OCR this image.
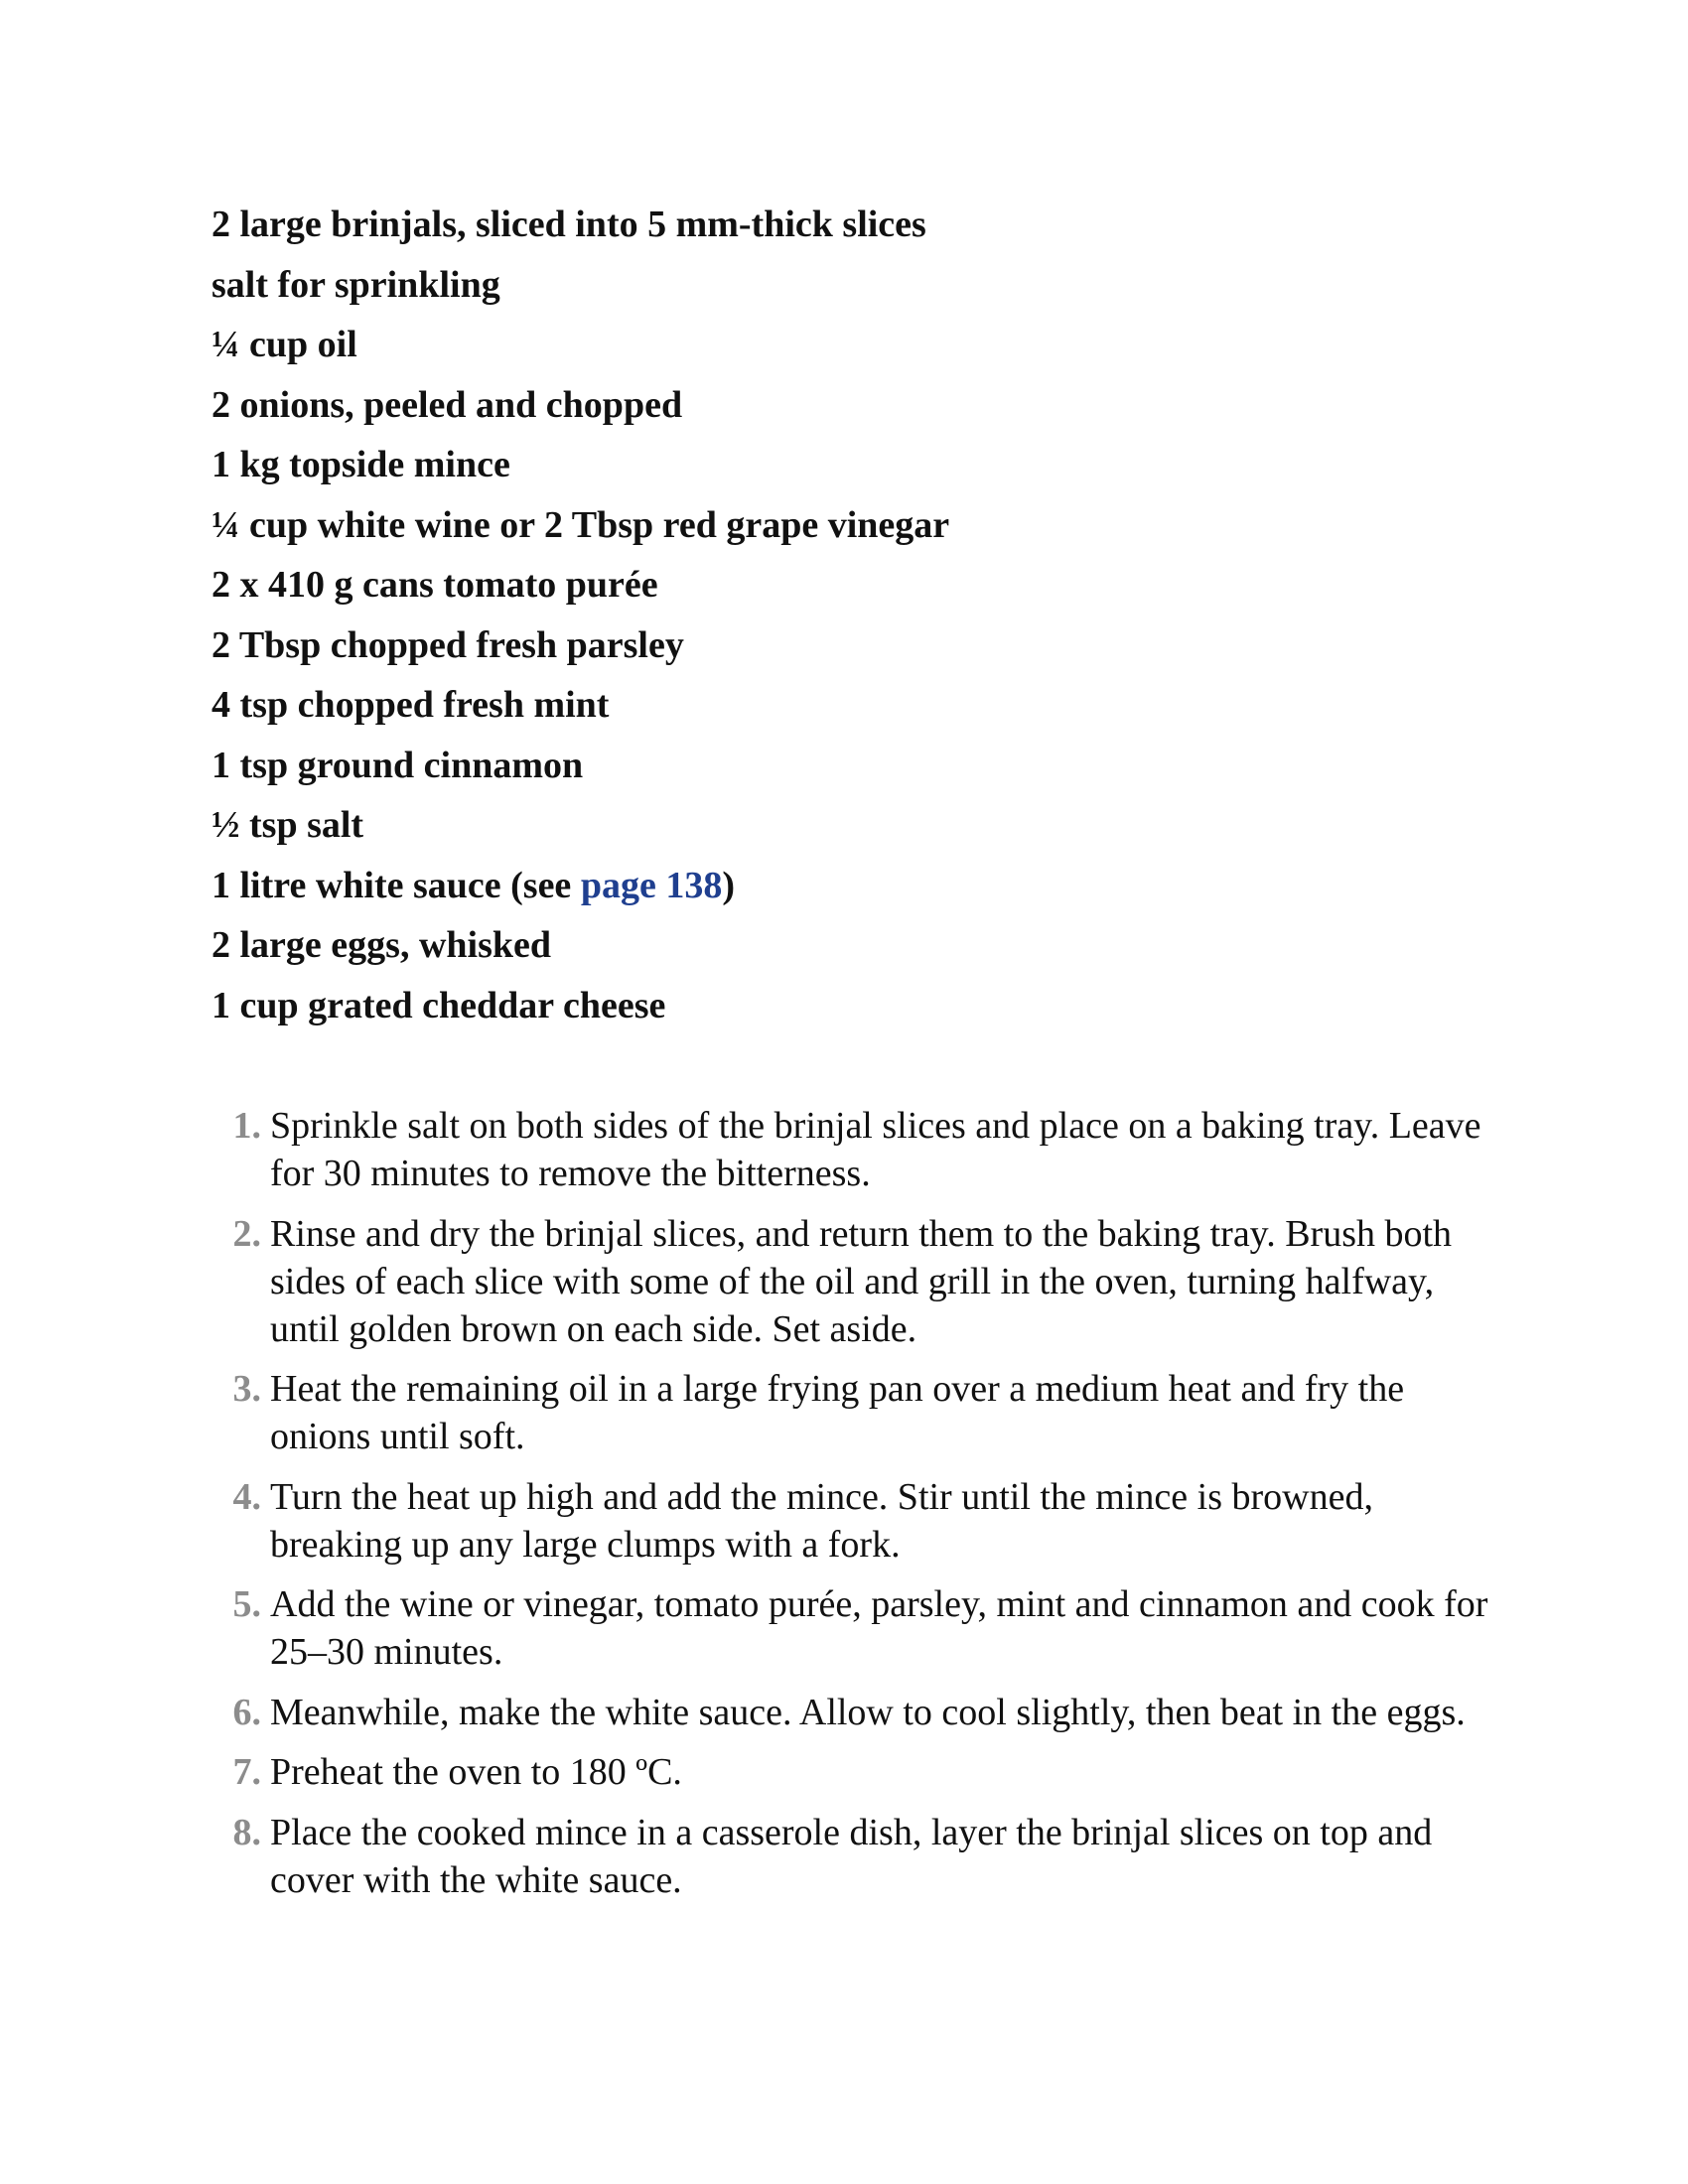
2 large brinjals, sliced into 5 mm-thick slices
salt for sprinkling
¼ cup oil
2 onions, peeled and chopped
1 kg topside mince
¼ cup white wine or 2 Tbsp red grape vinegar
2 x 410 g cans tomato purée
2 Tbsp chopped fresh parsley
4 tsp chopped fresh mint
1 tsp ground cinnamon
½ tsp salt
1 litre white sauce (see page 138)
2 large eggs, whisked
1 cup grated cheddar cheese
1. Sprinkle salt on both sides of the brinjal slices and place on a baking tray. Leave for 30 minutes to remove the bitterness.
2. Rinse and dry the brinjal slices, and return them to the baking tray. Brush both sides of each slice with some of the oil and grill in the oven, turning halfway, until golden brown on each side. Set aside.
3. Heat the remaining oil in a large frying pan over a medium heat and fry the onions until soft.
4. Turn the heat up high and add the mince. Stir until the mince is browned, breaking up any large clumps with a fork.
5. Add the wine or vinegar, tomato purée, parsley, mint and cinnamon and cook for 25–30 minutes.
6. Meanwhile, make the white sauce. Allow to cool slightly, then beat in the eggs.
7. Preheat the oven to 180 ºC.
8. Place the cooked mince in a casserole dish, layer the brinjal slices on top and cover with the white sauce.
